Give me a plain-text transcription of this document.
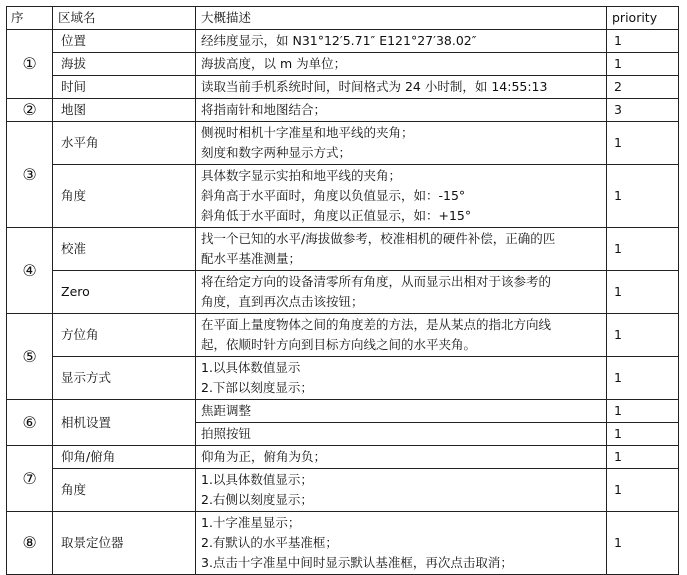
序	区域名	大概描述	priority
①	位置	经纬度显示，如 N31°12′5.71″ E121°27′38.02″	1
	海拔	海拔高度，以 m 为单位；	1
	时间	读取当前手机系统时间，时间格式为 24 小时制，如 14:55:13	2
②	地图	将指南针和地图结合；	3
③	水平角	侧视时相机十字准星和地平线的夹角；
刻度和数字两种显示方式；	1
	角度	具体数字显示实拍和地平线的夹角；
斜角高于水平面时，角度以负值显示，如：-15°
斜角低于水平面时，角度以正值显示，如：+15°	1
④	校准	找一个已知的水平/海拔做参考，校准相机的硬件补偿，正确的匹
配水平基准测量；	1
	Zero	将在给定方向的设备清零所有角度，从而显示出相对于该参考的
角度，直到再次点击该按钮；	1
⑤	方位角	在平面上量度物体之间的角度差的方法，是从某点的指北方向线
起，依顺时针方向到目标方向线之间的水平夹角。	1
	显示方式	1.以具体数值显示
2.下部以刻度显示；	1
⑥	相机设置	焦距调整	1

		拍照按钮	1
⑦	仰角/俯角	仰角为正，俯角为负；	1
	角度	1.以具体数值显示；
2.右侧以刻度显示；	1
⑧	取景定位器	1.十字准星显示；
2.有默认的水平基准框；
3.点击十字准星中间时显示默认基准框，再次点击取消；	1
